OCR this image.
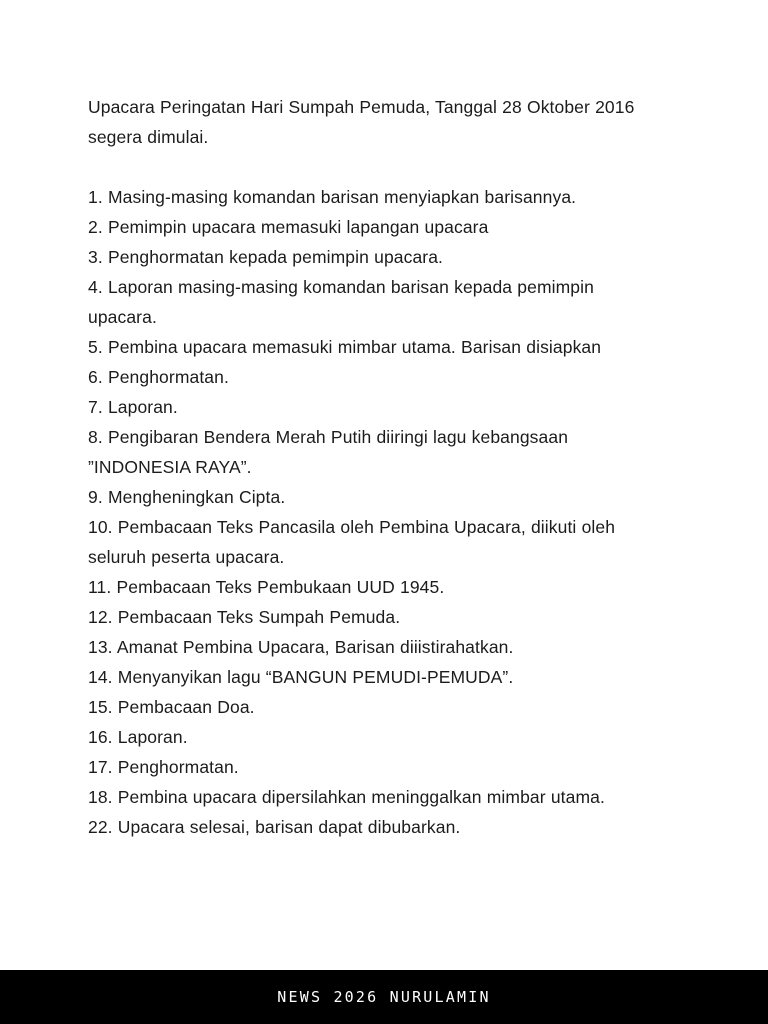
Upacara Peringatan Hari Sumpah Pemuda, Tanggal 28 Oktober 2016 segera dimulai.

1. Masing-masing komandan barisan menyiapkan barisannya.
2. Pemimpin upacara memasuki lapangan upacara
3. Penghormatan kepada pemimpin upacara.
4. Laporan masing-masing komandan barisan kepada pemimpin upacara.
5. Pembina upacara memasuki mimbar utama. Barisan disiapkan
6. Penghormatan.
7. Laporan.
8. Pengibaran Bendera Merah Putih diiringi lagu kebangsaan ”INDONESIA RAYA”.
9. Mengheningkan Cipta.
10. Pembacaan Teks Pancasila oleh Pembina Upacara, diikuti oleh seluruh peserta upacara.
11. Pembacaan Teks Pembukaan UUD 1945.
12. Pembacaan Teks Sumpah Pemuda.
13. Amanat Pembina Upacara, Barisan diiistirahatkan.
14. Menyanyikan lagu “BANGUN PEMUDI-PEMUDA”.
15. Pembacaan Doa.
16. Laporan.
17. Penghormatan.
18. Pembina upacara dipersilahkan meninggalkan mimbar utama.
22. Upacara selesai, barisan dapat dibubarkan.
NEWS 2026 NURULAMIN
